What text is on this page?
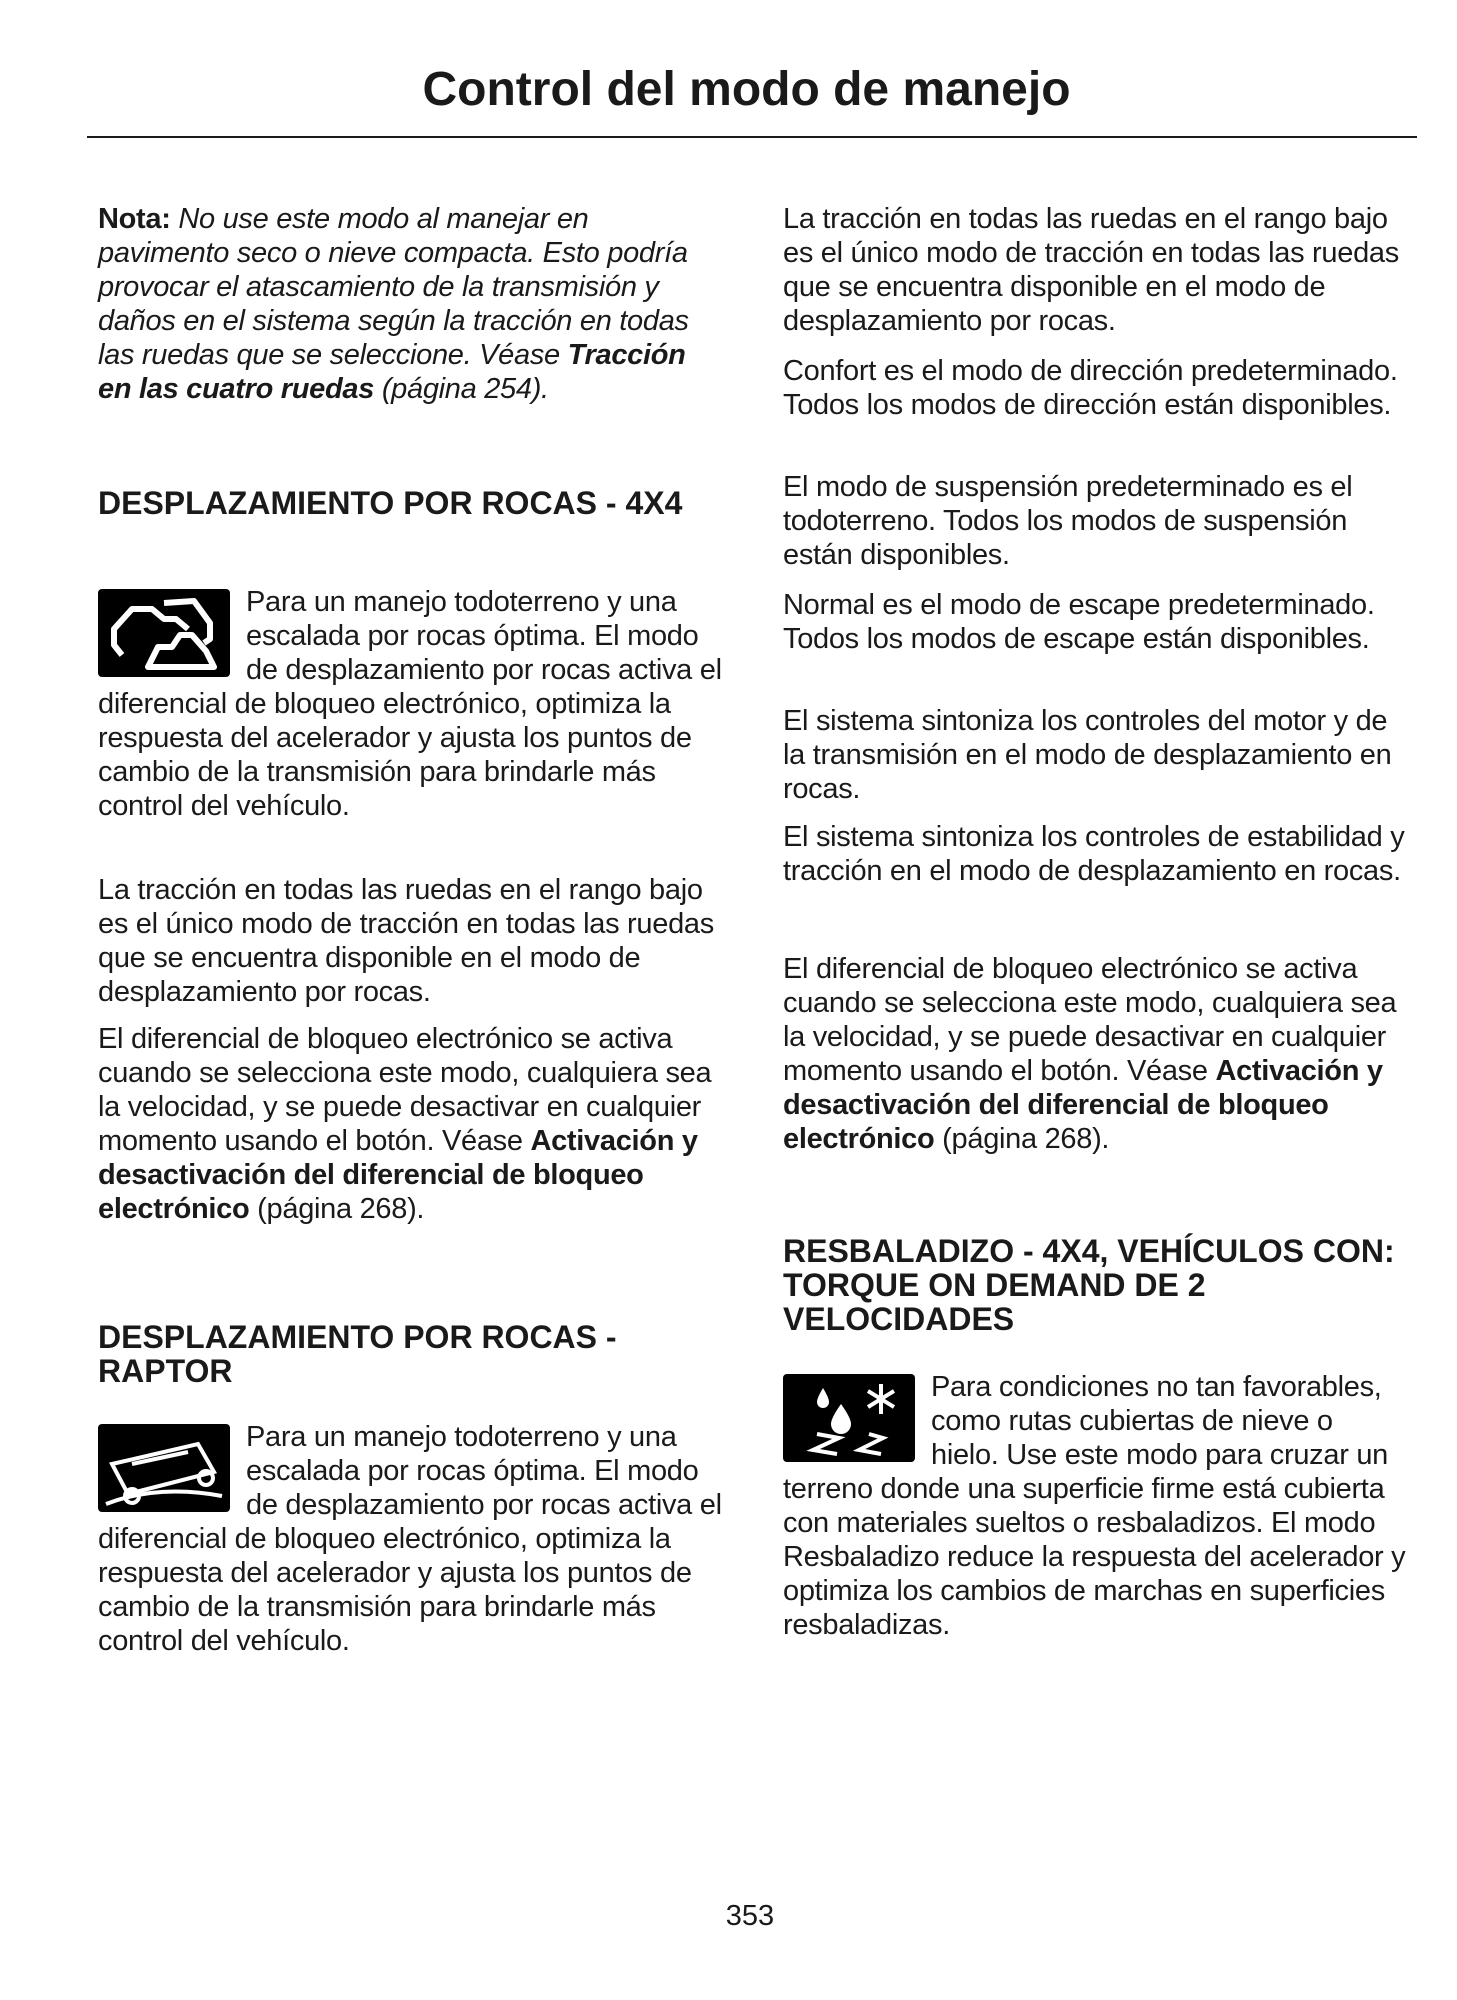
Control del modo de manejo
Nota: No use este modo al manejar en pavimento seco o nieve compacta. Esto podría provocar el atascamiento de la transmisión y daños en el sistema según la tracción en todas las ruedas que se seleccione. Véase Tracción en las cuatro ruedas (página 254).
DESPLAZAMIENTO POR ROCAS - 4X4
Para un manejo todoterreno y una escalada por rocas óptima. El modo de desplazamiento por rocas activa el diferencial de bloqueo electrónico, optimiza la respuesta del acelerador y ajusta los puntos de cambio de la transmisión para brindarle más control del vehículo.
La tracción en todas las ruedas en el rango bajo es el único modo de tracción en todas las ruedas que se encuentra disponible en el modo de desplazamiento por rocas.
El diferencial de bloqueo electrónico se activa cuando se selecciona este modo, cualquiera sea la velocidad, y se puede desactivar en cualquier momento usando el botón. Véase Activación y desactivación del diferencial de bloqueo electrónico (página 268).
DESPLAZAMIENTO POR ROCAS - RAPTOR
Para un manejo todoterreno y una escalada por rocas óptima. El modo de desplazamiento por rocas activa el diferencial de bloqueo electrónico, optimiza la respuesta del acelerador y ajusta los puntos de cambio de la transmisión para brindarle más control del vehículo.
La tracción en todas las ruedas en el rango bajo es el único modo de tracción en todas las ruedas que se encuentra disponible en el modo de desplazamiento por rocas.
Confort es el modo de dirección predeterminado. Todos los modos de dirección están disponibles.
El modo de suspensión predeterminado es el todoterreno. Todos los modos de suspensión están disponibles.
Normal es el modo de escape predeterminado. Todos los modos de escape están disponibles.
El sistema sintoniza los controles del motor y de la transmisión en el modo de desplazamiento en rocas.
El sistema sintoniza los controles de estabilidad y tracción en el modo de desplazamiento en rocas.
El diferencial de bloqueo electrónico se activa cuando se selecciona este modo, cualquiera sea la velocidad, y se puede desactivar en cualquier momento usando el botón. Véase Activación y desactivación del diferencial de bloqueo electrónico (página 268).
RESBALADIZO - 4X4, VEHÍCULOS CON: TORQUE ON DEMAND DE 2 VELOCIDADES
Para condiciones no tan favorables, como rutas cubiertas de nieve o hielo. Use este modo para cruzar un terreno donde una superficie firme está cubierta con materiales sueltos o resbaladizos. El modo Resbaladizo reduce la respuesta del acelerador y optimiza los cambios de marchas en superficies resbaladizas.
353
